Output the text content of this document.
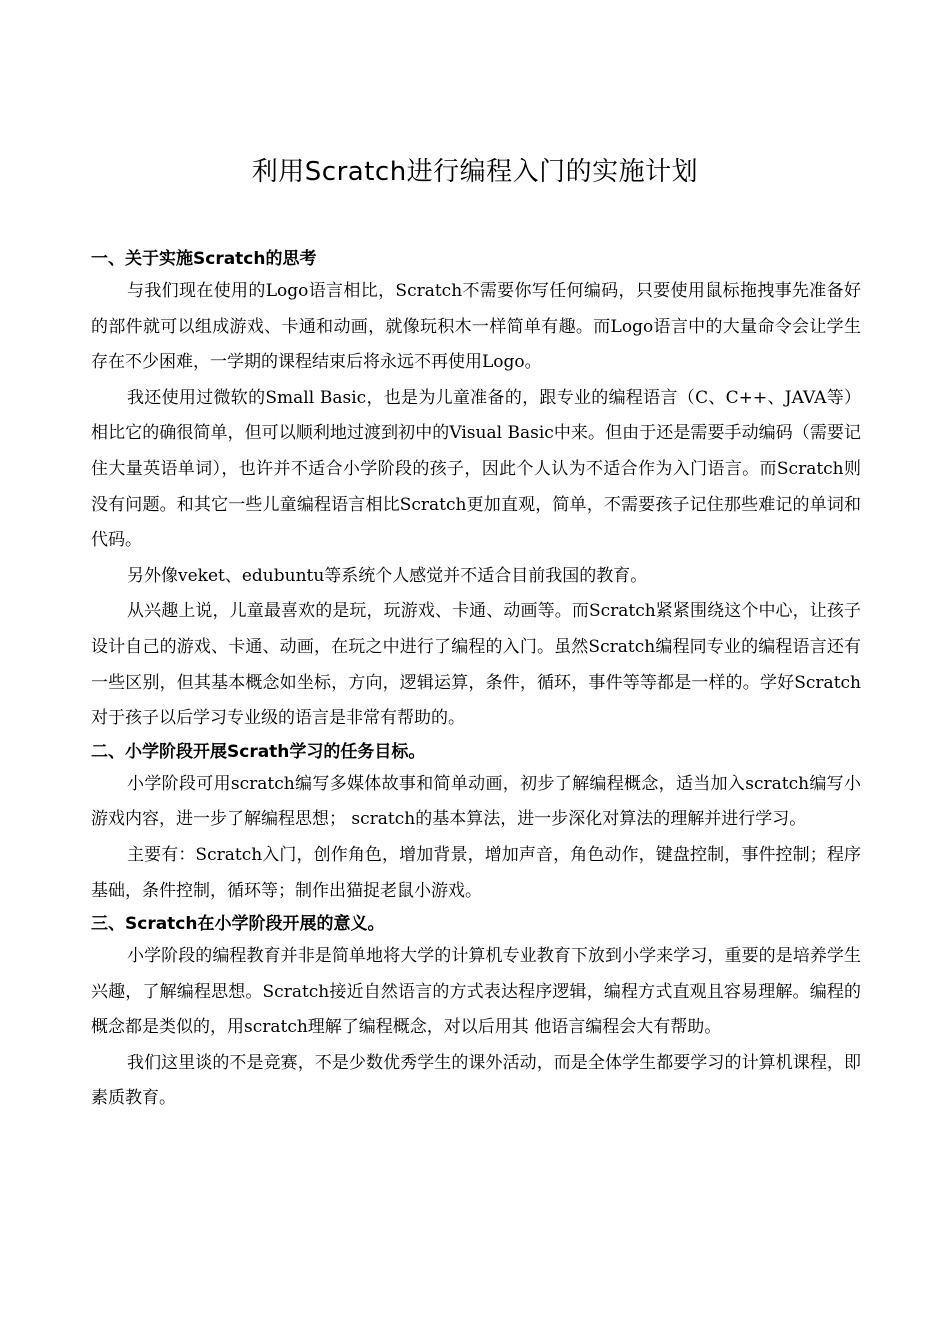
利用Scratch进行编程入门的实施计划
一、关于实施Scratch的思考

与我们现在使用的Logo语言相比，Scratch不需要你写任何编码，只要使用鼠标拖拽事先准备好的部件就可以组成游戏、卡通和动画，就像玩积木一样简单有趣。而Logo语言中的大量命令会让学生存在不少困难，一学期的课程结束后将永远不再使用Logo。

我还使用过微软的Small Basic，也是为儿童准备的，跟专业的编程语言（C、C++、JAVA等）相比它的确很简单，但可以顺利地过渡到初中的Visual Basic中来。但由于还是需要手动编码（需要记住大量英语单词），也许并不适合小学阶段的孩子，因此个人认为不适合作为入门语言。而Scratch则没有问题。和其它一些儿童编程语言相比Scratch更加直观，简单，不需要孩子记住那些难记的单词和代码。

另外像veket、edubuntu等系统个人感觉并不适合目前我国的教育。

从兴趣上说，儿童最喜欢的是玩，玩游戏、卡通、动画等。而Scratch紧紧围绕这个中心，让孩子设计自己的游戏、卡通、动画，在玩之中进行了编程的入门。虽然Scratch编程同专业的编程语言还有一些区别，但其基本概念如坐标，方向，逻辑运算，条件，循环，事件等等都是一样的。学好Scratch对于孩子以后学习专业级的语言是非常有帮助的。

二、小学阶段开展Scrath学习的任务目标。

小学阶段可用scratch编写多媒体故事和简单动画，初步了解编程概念，适当加入scratch编写小游戏内容，进一步了解编程思想； scratch的基本算法，进一步深化对算法的理解并进行学习。

主要有：Scratch入门，创作角色，增加背景，增加声音，角色动作，键盘控制，事件控制；程序基础，条件控制，循环等；制作出猫捉老鼠小游戏。

三、Scratch在小学阶段开展的意义。

小学阶段的编程教育并非是简单地将大学的计算机专业教育下放到小学来学习，重要的是培养学生兴趣，了解编程思想。Scratch接近自然语言的方式表达程序逻辑，编程方式直观且容易理解。编程的概念都是类似的，用scratch理解了编程概念，对以后用其 他语言编程会大有帮助。

我们这里谈的不是竞赛，不是少数优秀学生的课外活动，而是全体学生都要学习的计算机课程，即素质教育。
